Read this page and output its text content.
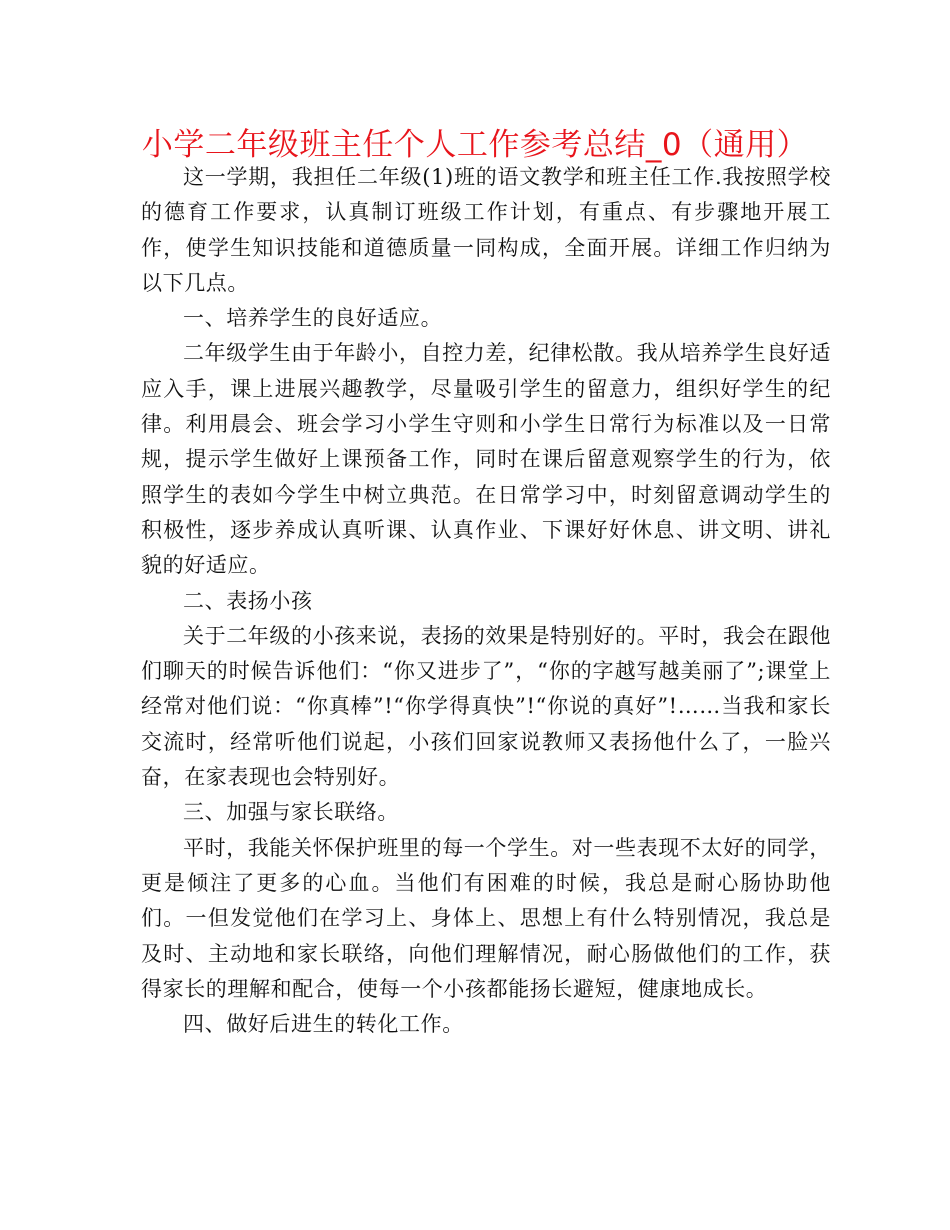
小学二年级班主任个人工作参考总结_0（通用）

这一学期，我担任二年级(1)班的语文教学和班主任工作.我按照学校的德育工作要求，认真制订班级工作计划，有重点、有步骤地开展工作，使学生知识技能和道德质量一同构成，全面开展。详细工作归纳为以下几点。

一、培养学生的良好适应。

二年级学生由于年龄小，自控力差，纪律松散。我从培养学生良好适应入手，课上进展兴趣教学，尽量吸引学生的留意力，组织好学生的纪律。利用晨会、班会学习小学生守则和小学生日常行为标准以及一日常规，提示学生做好上课预备工作，同时在课后留意观察学生的行为，依照学生的表如今学生中树立典范。在日常学习中，时刻留意调动学生的积极性，逐步养成认真听课、认真作业、下课好好休息、讲文明、讲礼貌的好适应。

二、表扬小孩

关于二年级的小孩来说，表扬的效果是特别好的。平时，我会在跟他们聊天的时候告诉他们：“你又进步了”，“你的字越写越美丽了”;课堂上经常对他们说：“你真棒”!“你学得真快”!“你说的真好”!……当我和家长交流时，经常听他们说起，小孩们回家说教师又表扬他什么了，一脸兴奋，在家表现也会特别好。

三、加强与家长联络。

平时，我能关怀保护班里的每一个学生。对一些表现不太好的同学，更是倾注了更多的心血。当他们有困难的时候，我总是耐心肠协助他们。一但发觉他们在学习上、身体上、思想上有什么特别情况，我总是及时、主动地和家长联络，向他们理解情况，耐心肠做他们的工作，获得家长的理解和配合，使每一个小孩都能扬长避短，健康地成长。

四、做好后进生的转化工作。
